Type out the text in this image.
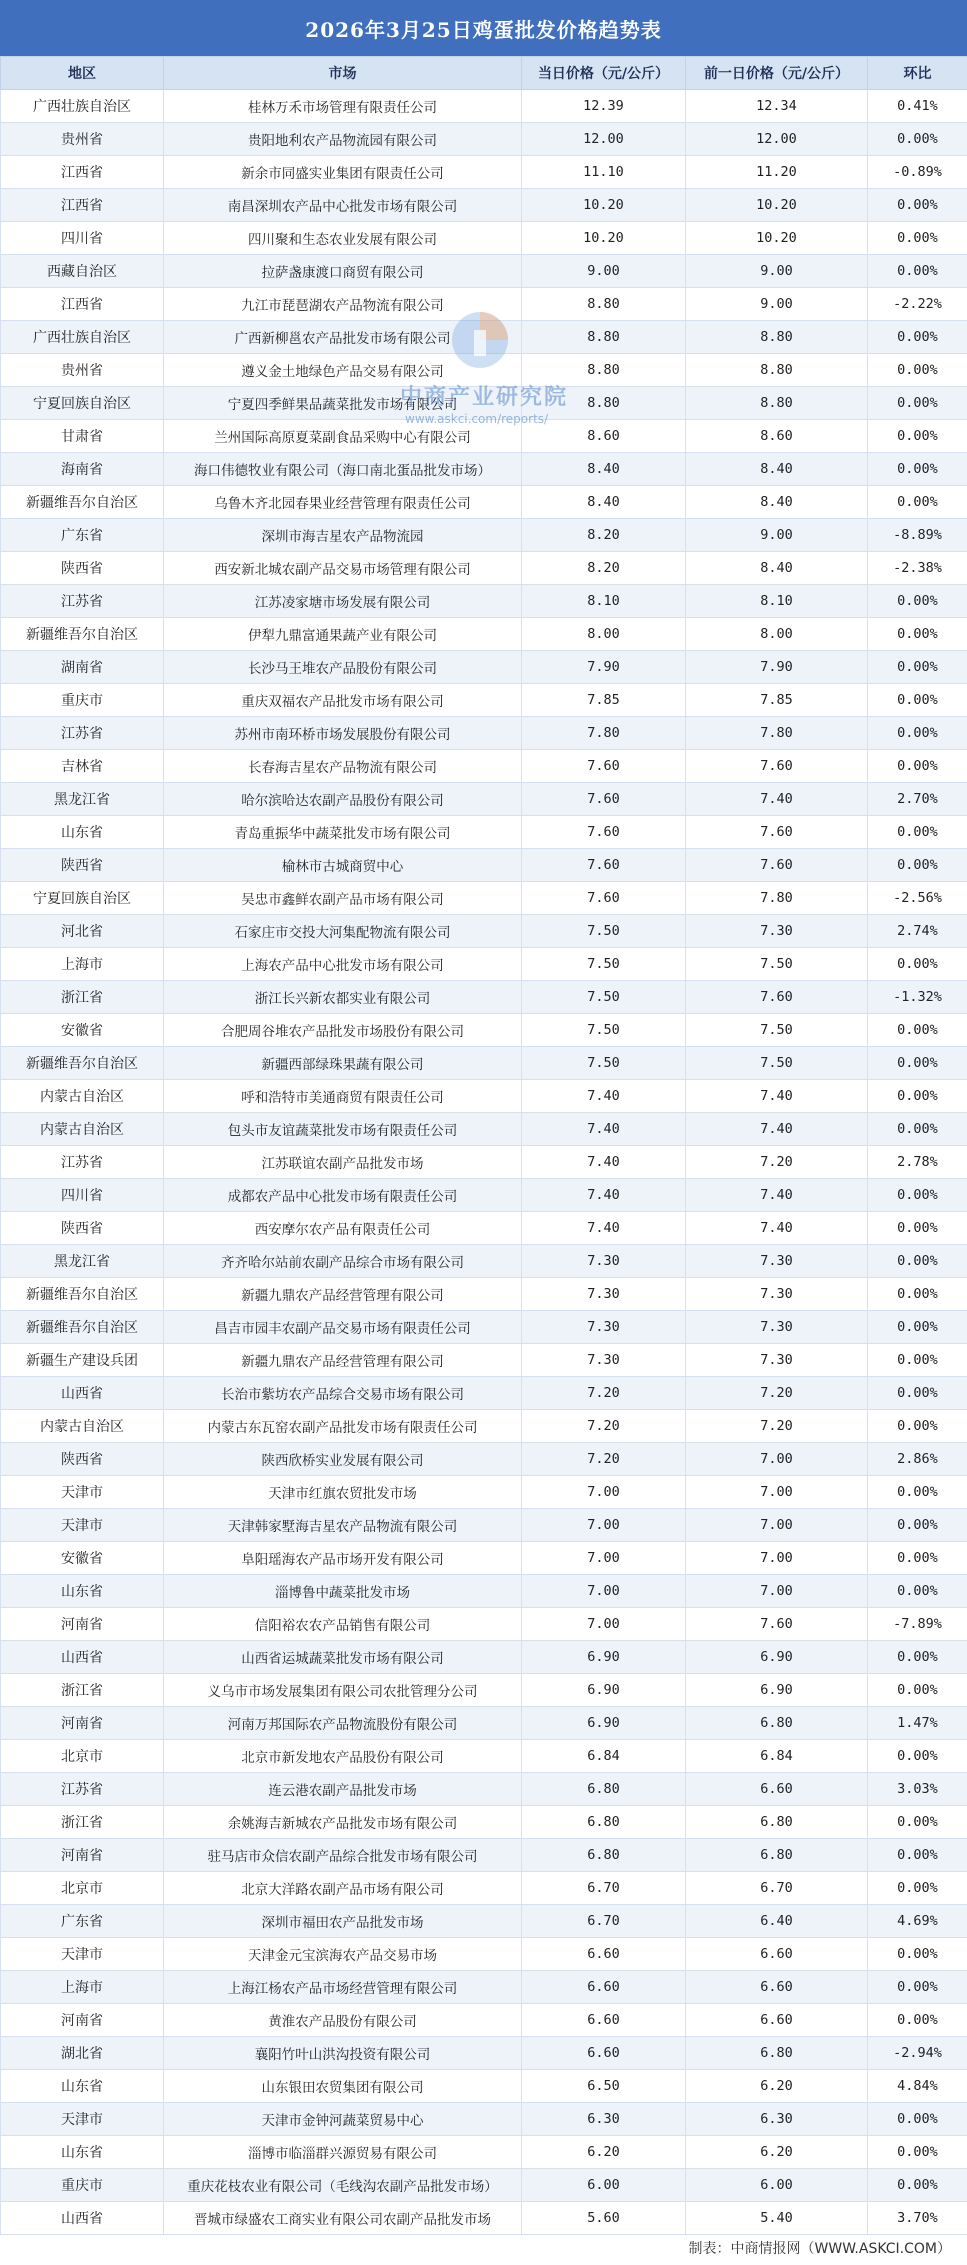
2026年3月25日鸡蛋批发价格趋势表
地区	市场	当日价格（元/公斤）	前一日价格（元/公斤）	环比
广西壮族自治区	桂林万禾市场管理有限责任公司	12.39	12.34	0.41%
贵州省	贵阳地利农产品物流园有限公司	12.00	12.00	0.00%
江西省	新余市同盛实业集团有限责任公司	11.10	11.20	-0.89%
江西省	南昌深圳农产品中心批发市场有限公司	10.20	10.20	0.00%
四川省	四川聚和生态农业发展有限公司	10.20	10.20	0.00%
西藏自治区	拉萨盏康渡口商贸有限公司	9.00	9.00	0.00%
江西省	九江市琵琶湖农产品物流有限公司	8.80	9.00	-2.22%
广西壮族自治区	广西新柳邕农产品批发市场有限公司	8.80	8.80	0.00%
贵州省	遵义金土地绿色产品交易有限公司	8.80	8.80	0.00%
宁夏回族自治区	宁夏四季鲜果品蔬菜批发市场有限公司	8.80	8.80	0.00%
甘肃省	兰州国际高原夏菜副食品采购中心有限公司	8.60	8.60	0.00%
海南省	海口伟德牧业有限公司（海口南北蛋品批发市场）	8.40	8.40	0.00%
新疆维吾尔自治区	乌鲁木齐北园春果业经营管理有限责任公司	8.40	8.40	0.00%
广东省	深圳市海吉星农产品物流园	8.20	9.00	-8.89%
陕西省	西安新北城农副产品交易市场管理有限公司	8.20	8.40	-2.38%
江苏省	江苏凌家塘市场发展有限公司	8.10	8.10	0.00%
新疆维吾尔自治区	伊犁九鼎富通果蔬产业有限公司	8.00	8.00	0.00%
湖南省	长沙马王堆农产品股份有限公司	7.90	7.90	0.00%
重庆市	重庆双福农产品批发市场有限公司	7.85	7.85	0.00%
江苏省	苏州市南环桥市场发展股份有限公司	7.80	7.80	0.00%
吉林省	长春海吉星农产品物流有限公司	7.60	7.60	0.00%
黑龙江省	哈尔滨哈达农副产品股份有限公司	7.60	7.40	2.70%
山东省	青岛重振华中蔬菜批发市场有限公司	7.60	7.60	0.00%
陕西省	榆林市古城商贸中心	7.60	7.60	0.00%
宁夏回族自治区	吴忠市鑫鲜农副产品市场有限公司	7.60	7.80	-2.56%
河北省	石家庄市交投大河集配物流有限公司	7.50	7.30	2.74%
上海市	上海农产品中心批发市场有限公司	7.50	7.50	0.00%
浙江省	浙江长兴新农都实业有限公司	7.50	7.60	-1.32%
安徽省	合肥周谷堆农产品批发市场股份有限公司	7.50	7.50	0.00%
新疆维吾尔自治区	新疆西部绿珠果蔬有限公司	7.50	7.50	0.00%
内蒙古自治区	呼和浩特市美通商贸有限责任公司	7.40	7.40	0.00%
内蒙古自治区	包头市友谊蔬菜批发市场有限责任公司	7.40	7.40	0.00%
江苏省	江苏联谊农副产品批发市场	7.40	7.20	2.78%
四川省	成都农产品中心批发市场有限责任公司	7.40	7.40	0.00%
陕西省	西安摩尔农产品有限责任公司	7.40	7.40	0.00%
黑龙江省	齐齐哈尔站前农副产品综合市场有限公司	7.30	7.30	0.00%
新疆维吾尔自治区	新疆九鼎农产品经营管理有限公司	7.30	7.30	0.00%
新疆维吾尔自治区	昌吉市园丰农副产品交易市场有限责任公司	7.30	7.30	0.00%
新疆生产建设兵团	新疆九鼎农产品经营管理有限公司	7.30	7.30	0.00%
山西省	长治市紫坊农产品综合交易市场有限公司	7.20	7.20	0.00%
内蒙古自治区	内蒙古东瓦窑农副产品批发市场有限责任公司	7.20	7.20	0.00%
陕西省	陕西欣桥实业发展有限公司	7.20	7.00	2.86%
天津市	天津市红旗农贸批发市场	7.00	7.00	0.00%
天津市	天津韩家墅海吉星农产品物流有限公司	7.00	7.00	0.00%
安徽省	阜阳瑶海农产品市场开发有限公司	7.00	7.00	0.00%
山东省	淄博鲁中蔬菜批发市场	7.00	7.00	0.00%
河南省	信阳裕农农产品销售有限公司	7.00	7.60	-7.89%
山西省	山西省运城蔬菜批发市场有限公司	6.90	6.90	0.00%
浙江省	义乌市市场发展集团有限公司农批管理分公司	6.90	6.90	0.00%
河南省	河南万邦国际农产品物流股份有限公司	6.90	6.80	1.47%
北京市	北京市新发地农产品股份有限公司	6.84	6.84	0.00%
江苏省	连云港农副产品批发市场	6.80	6.60	3.03%
浙江省	余姚海吉新城农产品批发市场有限公司	6.80	6.80	0.00%
河南省	驻马店市众信农副产品综合批发市场有限公司	6.80	6.80	0.00%
北京市	北京大洋路农副产品市场有限公司	6.70	6.70	0.00%
广东省	深圳市福田农产品批发市场	6.70	6.40	4.69%
天津市	天津金元宝滨海农产品交易市场	6.60	6.60	0.00%
上海市	上海江杨农产品市场经营管理有限公司	6.60	6.60	0.00%
河南省	黄淮农产品股份有限公司	6.60	6.60	0.00%
湖北省	襄阳竹叶山洪沟投资有限公司	6.60	6.80	-2.94%
山东省	山东银田农贸集团有限公司	6.50	6.20	4.84%
天津市	天津市金钟河蔬菜贸易中心	6.30	6.30	0.00%
山东省	淄博市临淄群兴源贸易有限公司	6.20	6.20	0.00%
重庆市	重庆花枝农业有限公司（毛线沟农副产品批发市场）	6.00	6.00	0.00%
山西省	晋城市绿盛农工商实业有限公司农副产品批发市场	5.60	5.40	3.70%
中商产业研究院
www.askci.com/reports/
制表：中商情报网（WWW.ASKCI.COM）
